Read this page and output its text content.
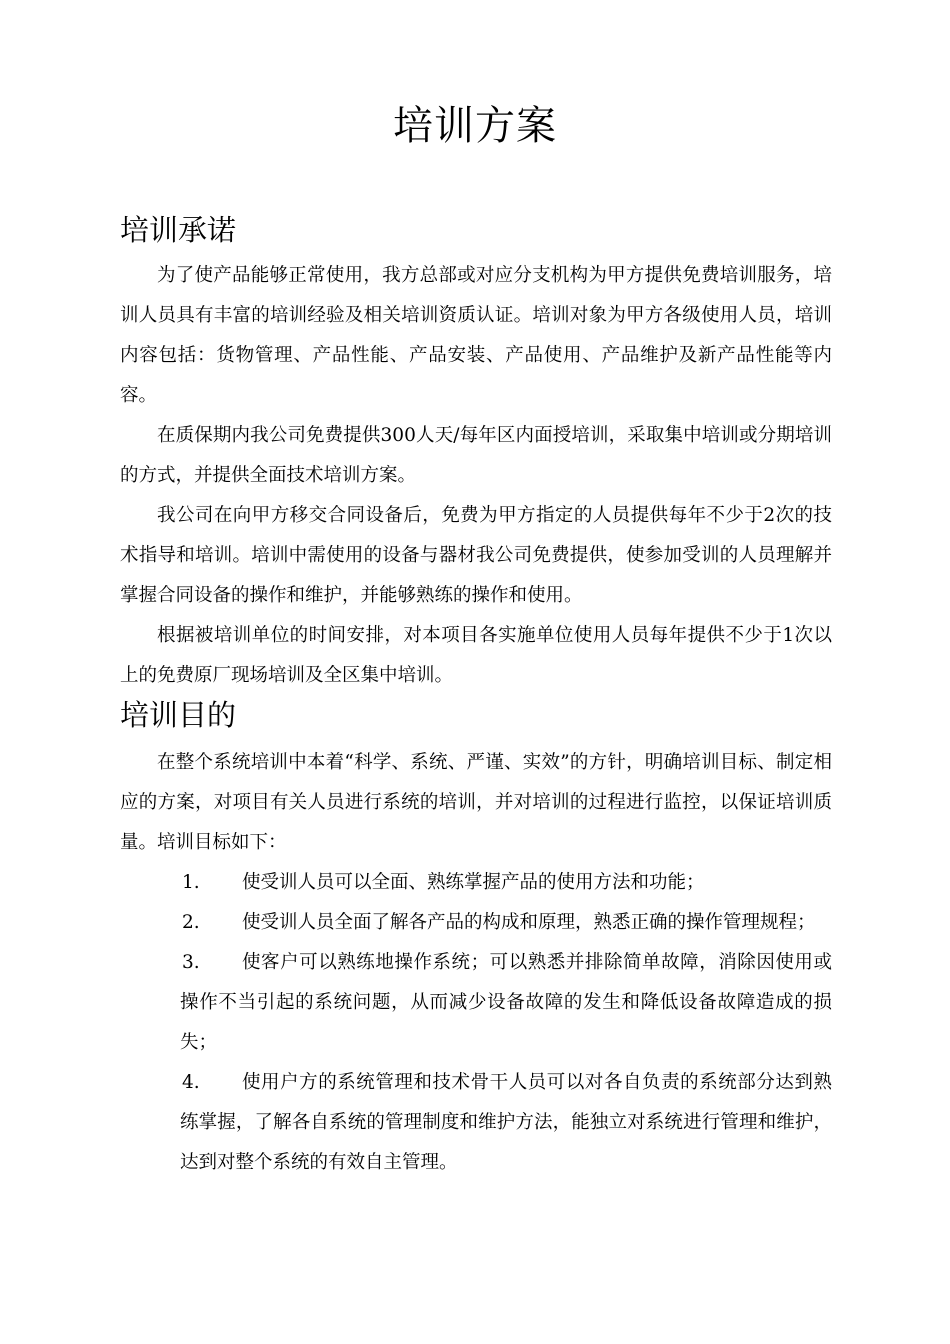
培训方案
培训承诺

为了使产品能够正常使用，我方总部或对应分支机构为甲方提供免费培训服务，培训人员具有丰富的培训经验及相关培训资质认证。培训对象为甲方各级使用人员，培训内容包括：货物管理、产品性能、产品安装、产品使用、产品维护及新产品性能等内容。

在质保期内我公司免费提供300人天/每年区内面授培训，采取集中培训或分期培训的方式，并提供全面技术培训方案。

我公司在向甲方移交合同设备后，免费为甲方指定的人员提供每年不少于2次的技术指导和培训。培训中需使用的设备与器材我公司免费提供，使参加受训的人员理解并掌握合同设备的操作和维护，并能够熟练的操作和使用。

根据被培训单位的时间安排，对本项目各实施单位使用人员每年提供不少于1次以上的免费原厂现场培训及全区集中培训。

培训目的

在整个系统培训中本着“科学、系统、严谨、实效”的方针，明确培训目标、制定相应的方案，对项目有关人员进行系统的培训，并对培训的过程进行监控，以保证培训质量。培训目标如下：

1.	使受训人员可以全面、熟练掌握产品的使用方法和功能；
2.	使受训人员全面了解各产品的构成和原理，熟悉正确的操作管理规程；
3.	使客户可以熟练地操作系统；可以熟悉并排除简单故障，消除因使用或操作不当引起的系统问题，从而减少设备故障的发生和降低设备故障造成的损失；
4.	使用户方的系统管理和技术骨干人员可以对各自负责的系统部分达到熟练掌握，了解各自系统的管理制度和维护方法，能独立对系统进行管理和维护，达到对整个系统的有效自主管理。
